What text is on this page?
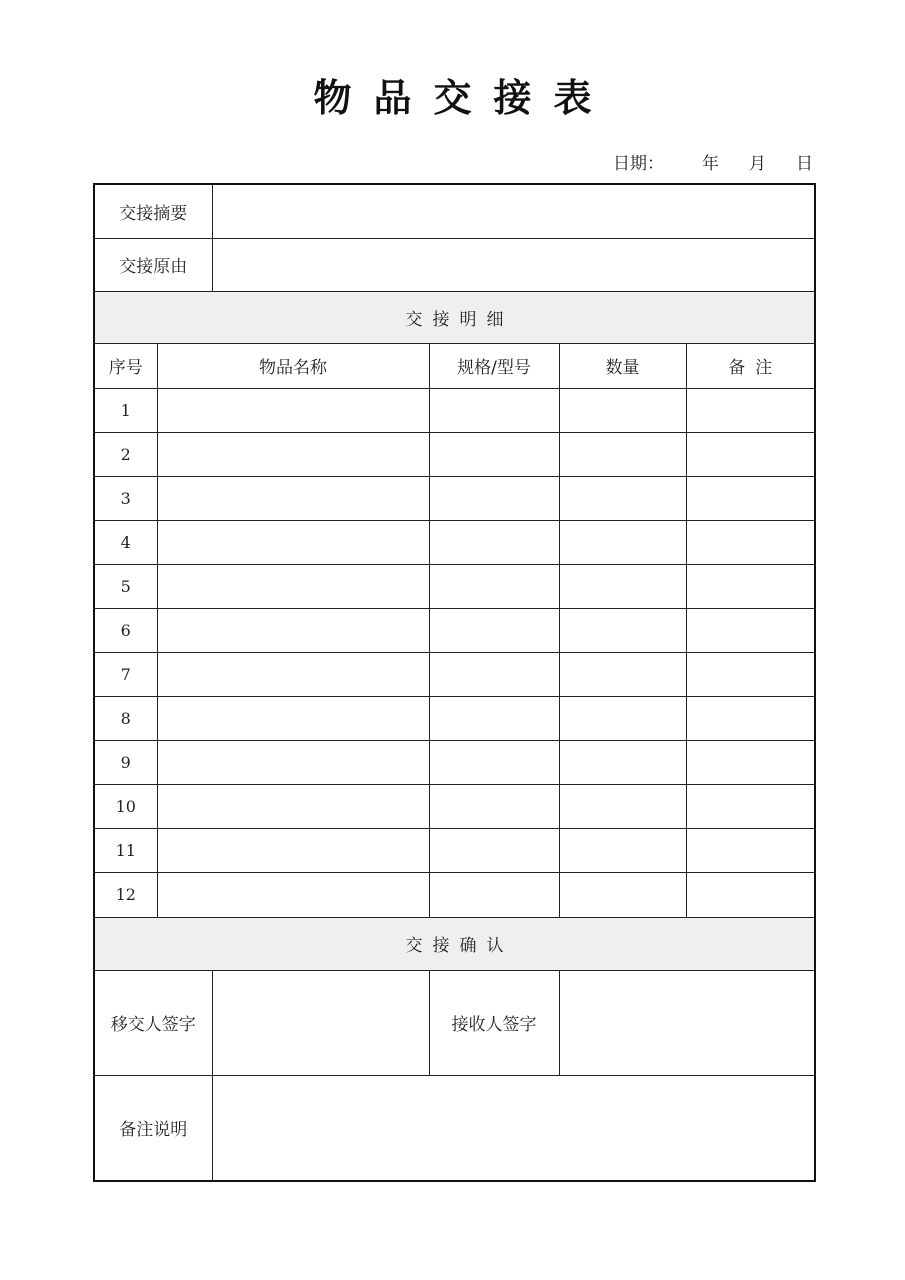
物品交接表
日期： 年 月 日
交接摘要					
交接原由					
交接明细					
序号	物品名称		规格/型号	数量	备注
1					
2					
3					
4					
5					
6					
7					
8					
9					
10					
11					
12					
交接确认					
移交人签字			接收人签字		
备注说明					
